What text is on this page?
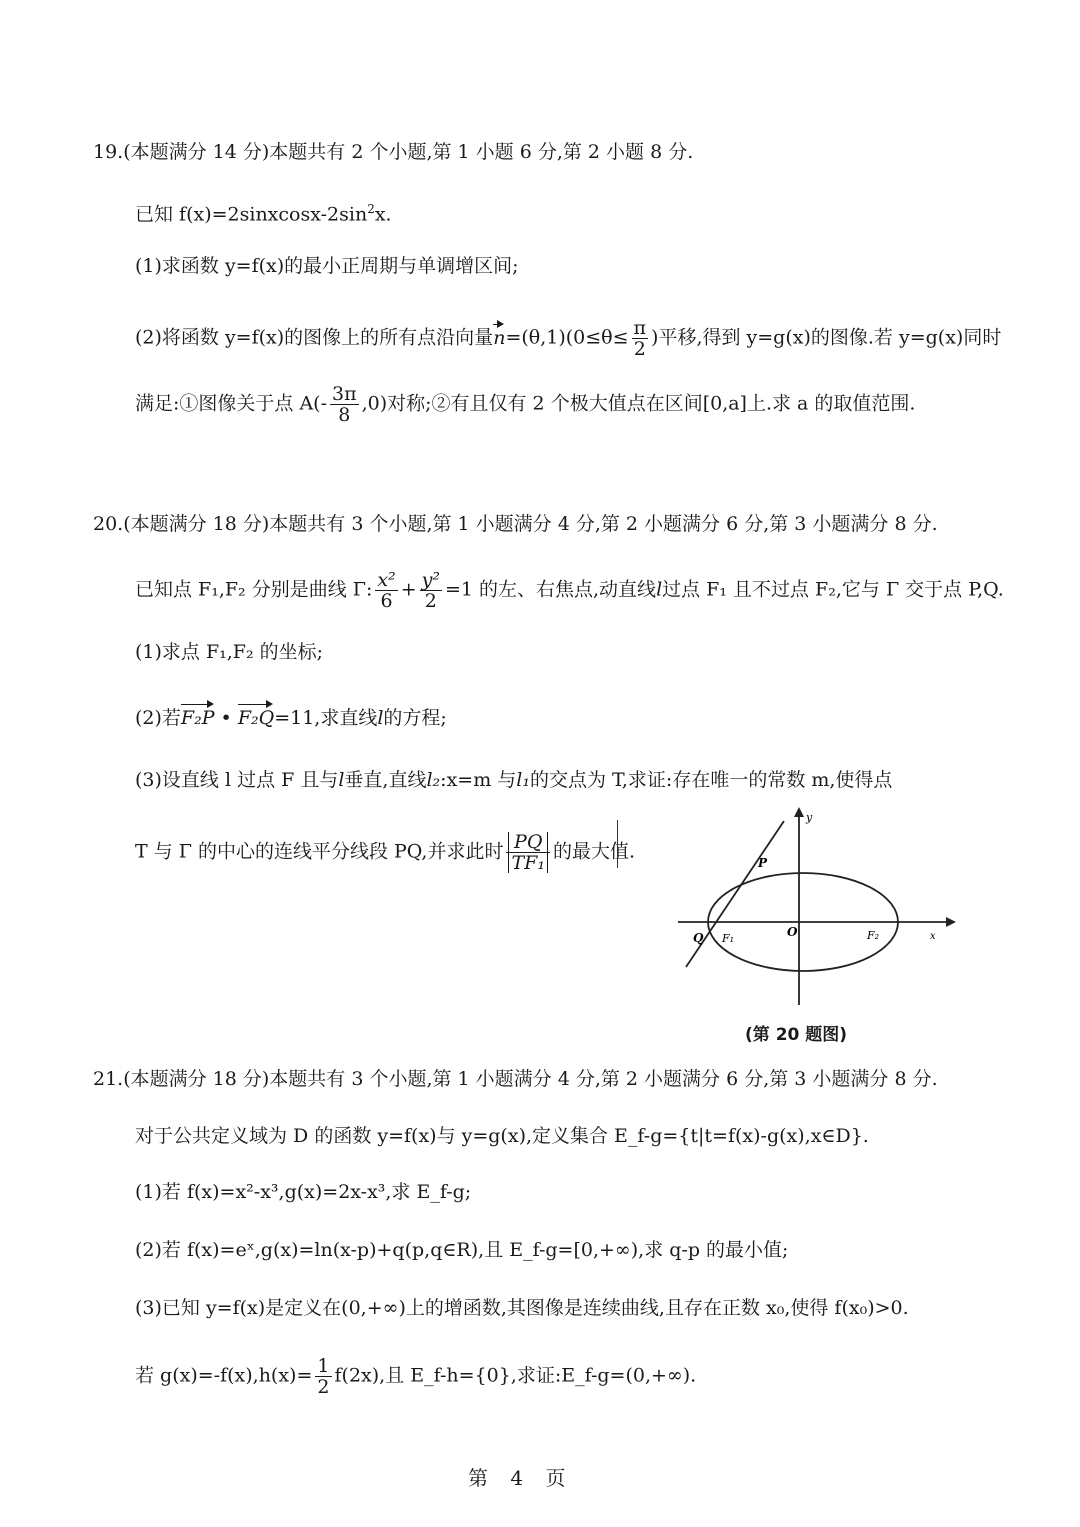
19.(本题满分 14 分)本题共有 2 个小题,第 1 小题 6 分,第 2 小题 8 分.
已知 $f(x)=2sinxcosx-2\sin^2x$.
(1)求函数 y=f(x)的最小正周期与单调增区间;
(2)将函数 y=f(x)的图像上的所有点沿向量$n=(\theta,1)(0\le\theta\le \frac{\pi}{2}$ )平移,得到 y=g(x)的图像.若 y=g(x)同时
满足:①图像关于点 $A(- \frac{3\pi}{8} ,0)$对称;②有且仅有 2 个极大值点在区间[0,a]上.求 a 的取值范围.
20.(本题满分 18 分)本题共有 3 个小题,第 1 小题满分 4 分,第 2 小题满分 6 分,第 3 小题满分 8 分.
已知点 F₁,F₂ 分别是曲线 Γ: $\frac{\text{x²}}{6} + \frac{\text{y²}}{2} =1$ 的左、右焦点,动直线l过点 F₁ 且不过点 F₂,它与 Γ 交于点 P,Q.
(1)求点 F₁,F₂ 的坐标;
(2)若F₂P • F₂Q=11,求直线l的方程;
(3)设直线 l 过点 F 且与l垂直,直线l₂:x=m 与l₁的交点为 T,求证:存在唯一的常数 m,使得点
T 与 Γ 的中心的连线平分线段 PQ,并求此时 $\frac{PQ}{\text{TF₁}}$ 的最大值.
x
y
O
P
Q F₁	F₂
(第 20 题图)
21.(本题满分 18 分)本题共有 3 个小题,第 1 小题满分 4 分,第 2 小题满分 6 分,第 3 小题满分 8 分.
对于公共定义域为 D 的函数 y=f(x)与 y=g(x),定义集合 E_f-g={t|t=f(x)-g(x),x∈D}.
(1)若 f(x)=x²-x³,g(x)=2x-x³,求 E_f-g;
(2)若 f(x)=eˣ,g(x)=ln(x-p)+q(p,q∈R),且 E_f-g=[0,+∞),求 q-p 的最小值;
(3)已知 y=f(x)是定义在(0,+∞)上的增函数,其图像是连续曲线,且存在正数 x₀,使得 f(x₀)>0.
若 $g(x)=-f(x),h(x)= \frac{1}{2} f(2x)$,且 E_f-h={0},求证:E_f-g=(0,+∞).
第 4 页
